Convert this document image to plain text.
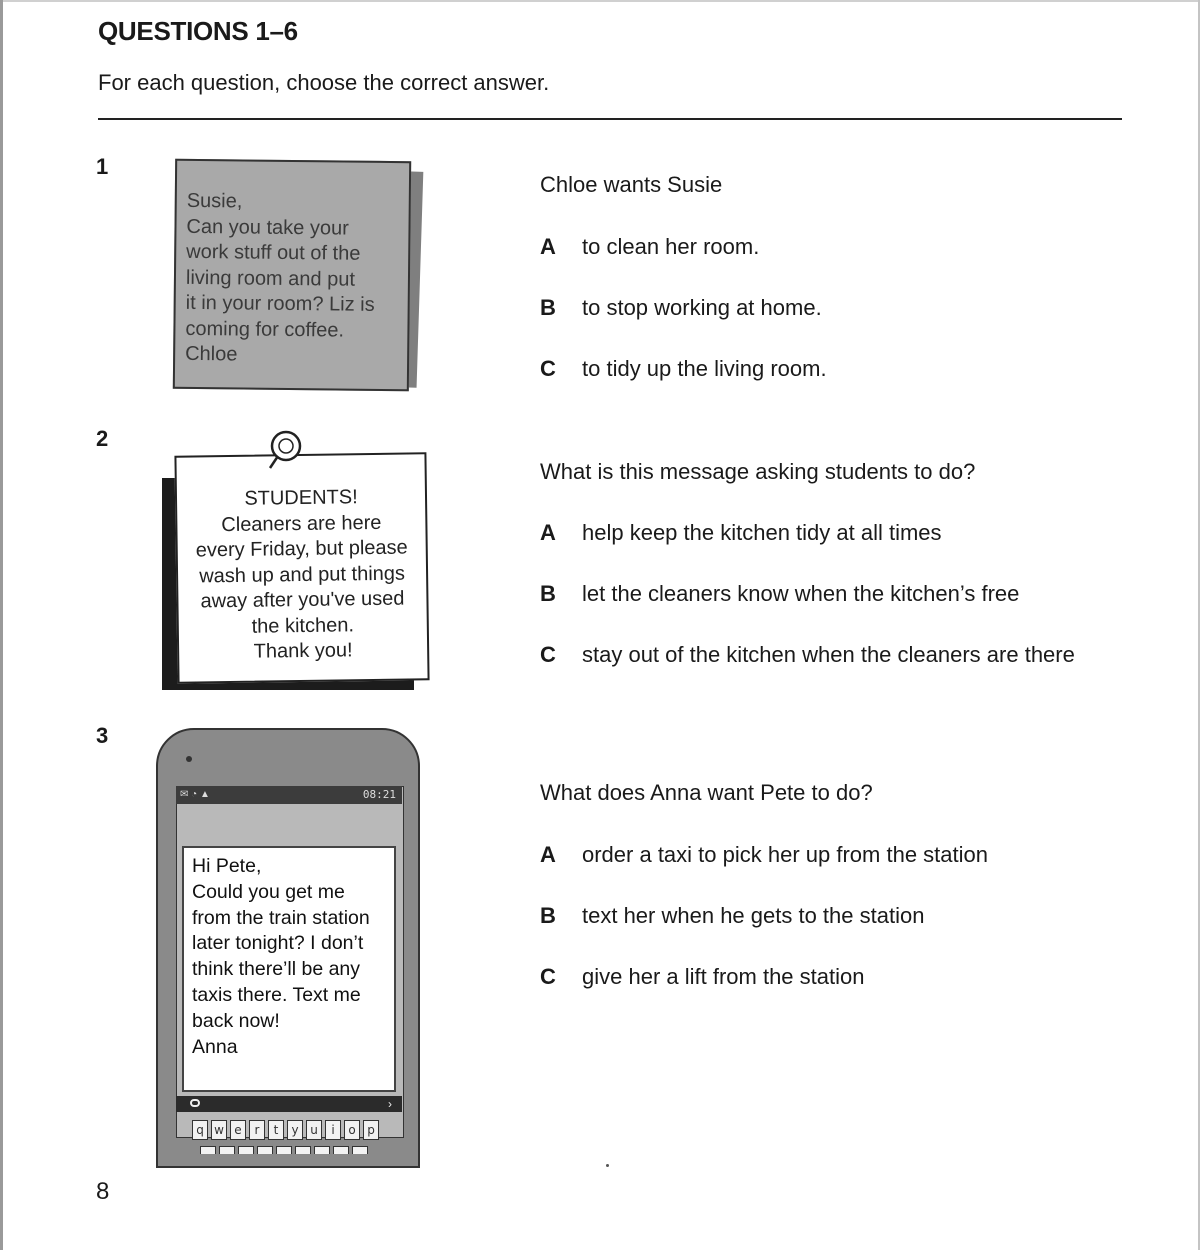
QUESTIONS 1–6
For each question, choose the correct answer.
1
Susie,
Can you take your
work stuff out of the
living room and put
it in your room? Liz is
coming for coffee.
Chloe
Chloe wants Susie
A to clean her room.
B to stop working at home.
C to tidy up the living room.
2
STUDENTS!
Cleaners are here
every Friday, but please
wash up and put things
away after you've used
the kitchen.
Thank you!
What is this message asking students to do?
A help keep the kitchen tidy at all times
B let the cleaners know when the kitchen’s free
C stay out of the kitchen when the cleaners are there
3
✉ ◔ ▲	08:21
Hi Pete,
Could you get me
from the train station
later tonight? I don’t
think there’ll be any
taxis there. Text me
back now!
Anna
›
q w e	r	t	y u	i	o p
What does Anna want Pete to do?
A order a taxi to pick her up from the station
B text her when he gets to the station
C give her a lift from the station
8
